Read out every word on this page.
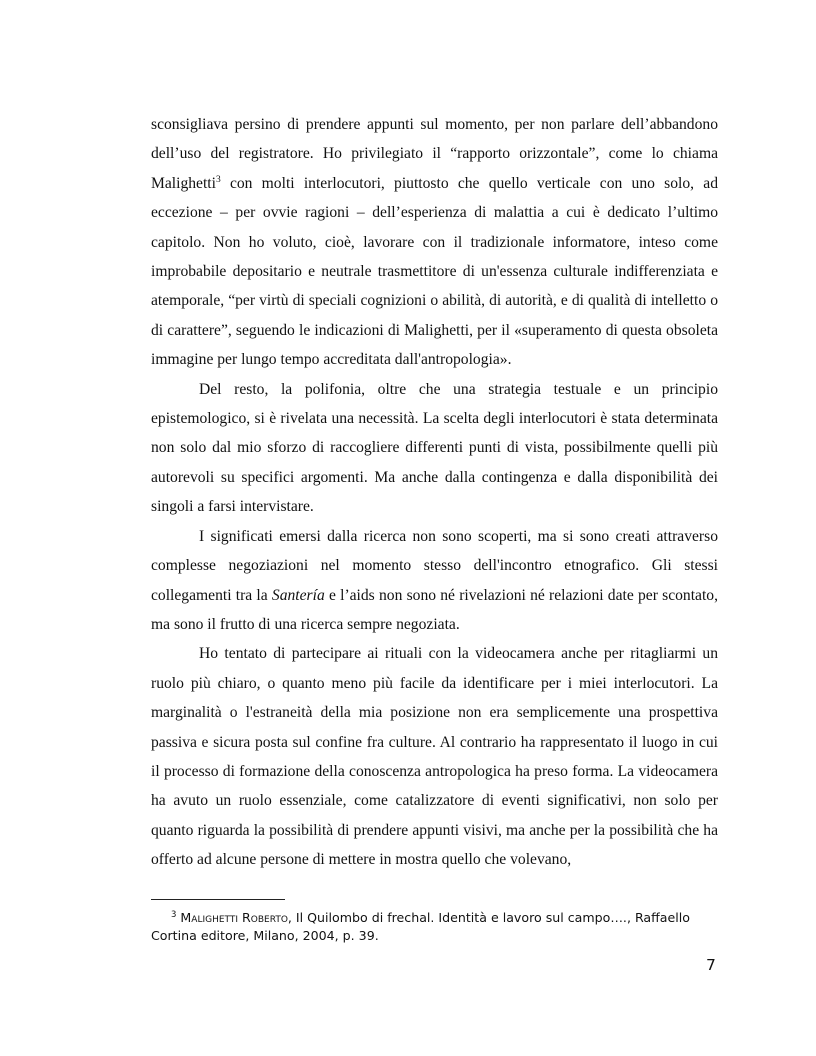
sconsigliava persino di prendere appunti sul momento, per non parlare dell’abbandono dell’uso del registratore. Ho privilegiato il “rapporto orizzontale”, come lo chiama Malighetti$^3$ con molti interlocutori, piuttosto che quello verticale con uno solo, ad eccezione – per ovvie ragioni – dell’esperienza di malattia a cui è dedicato l’ultimo capitolo. Non ho voluto, cioè, lavorare con il tradizionale informatore, inteso come improbabile depositario e neutrale trasmettitore di un'essenza culturale indifferenziata e atemporale, “per virtù di speciali cognizioni o abilità, di autorità, e di qualità di intelletto o di carattere”, seguendo le indicazioni di Malighetti, per il «superamento di questa obsoleta immagine per lungo tempo accreditata dall'antropologia».

Del resto, la polifonia, oltre che una strategia testuale e un principio epistemologico, si è rivelata una necessità. La scelta degli interlocutori è stata determinata non solo dal mio sforzo di raccogliere differenti punti di vista, possibilmente quelli più autorevoli su specifici argomenti. Ma anche dalla contingenza e dalla disponibilità dei singoli a farsi intervistare.

I significati emersi dalla ricerca non sono scoperti, ma si sono creati attraverso complesse negoziazioni nel momento stesso dell'incontro etnografico. Gli stessi collegamenti tra la Santería e l’aids non sono né rivelazioni né relazioni date per scontato, ma sono il frutto di una ricerca sempre negoziata.

Ho tentato di partecipare ai rituali con la videocamera anche per ritagliarmi un ruolo più chiaro, o quanto meno più facile da identificare per i miei interlocutori. La marginalità o l'estraneità della mia posizione non era semplicemente una prospettiva passiva e sicura posta sul confine fra culture. Al contrario ha rappresentato il luogo in cui il processo di formazione della conoscenza antropologica ha preso forma. La videocamera ha avuto un ruolo essenziale, come catalizzatore di eventi significativi, non solo per quanto riguarda la possibilità di prendere appunti visivi, ma anche per la possibilità che ha offerto ad alcune persone di mettere in mostra quello che volevano,

$^3$ Malighetti Roberto, Il Quilombo di frechal. Identità e lavoro sul campo…., Raffaello Cortina editore, Milano, 2004, p. 39.
7
